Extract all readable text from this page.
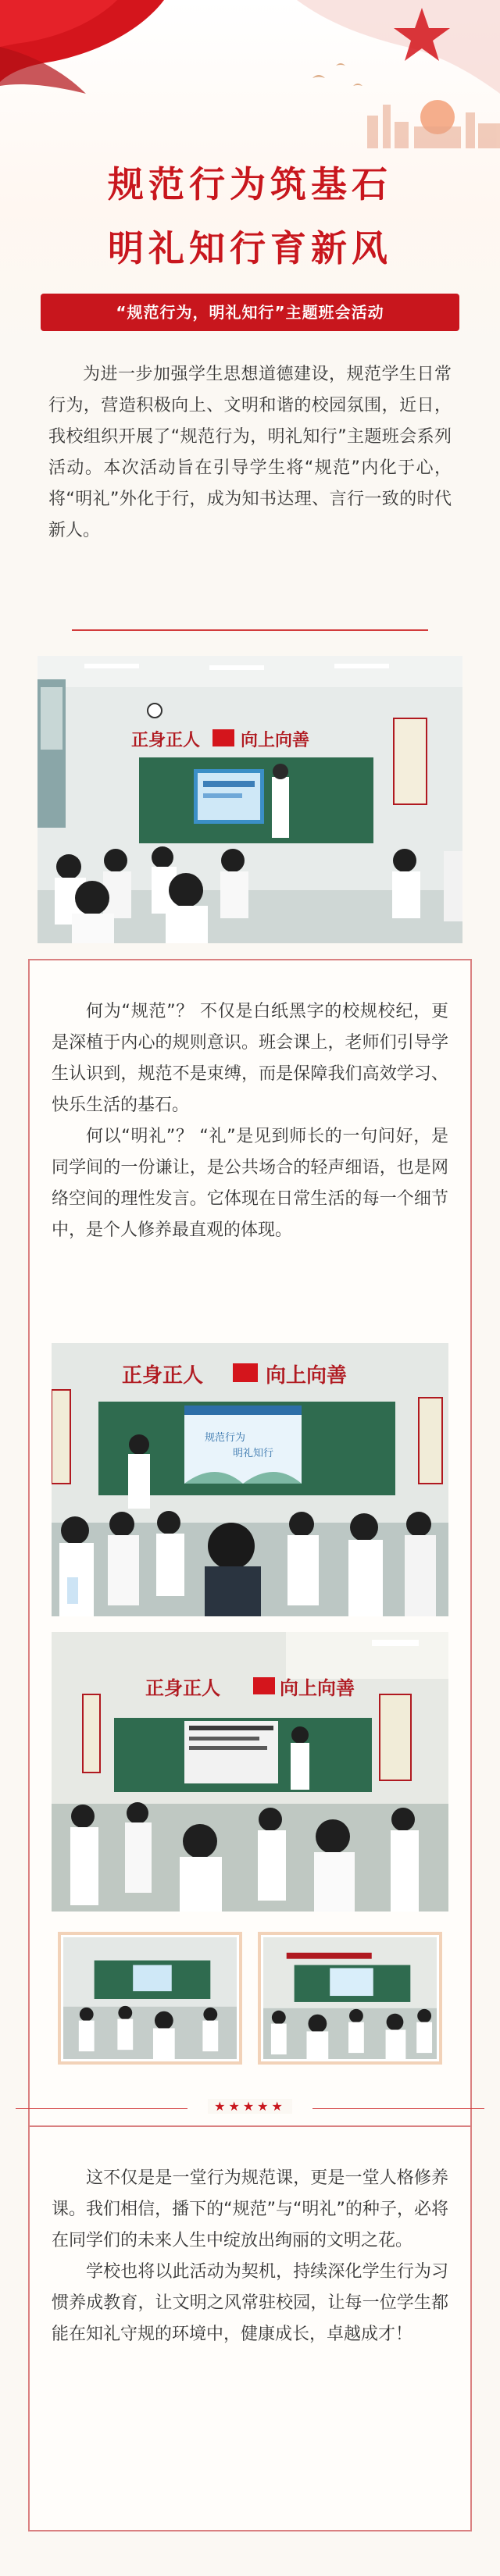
规范行为筑基石
明礼知行育新风
“规范行为，明礼知行”主题班会活动

为进一步加强学生思想道德建设，规范学生日常行为，营造积极向上、文明和谐的校园氛围，近日，我校组织开展了“规范行为，明礼知行”主题班会系列活动。本次活动旨在引导学生将“规范”内化于心，将“明礼”外化于行，成为知书达理、言行一致的时代新人。

正身正人 向上向善

何为“规范”？ 不仅是白纸黑字的校规校纪，更是深植于内心的规则意识。班会课上，老师们引导学生认识到，规范不是束缚，而是保障我们高效学习、快乐生活的基石。

何以“明礼”？ “礼”是见到师长的一句问好，是同学间的一份谦让，是公共场合的轻声细语，也是网络空间的理性发言。它体现在日常生活的每一个细节中，是个人修养最直观的体现。

正身正人	向上向善
规范行为
明礼知行
正身正人	向上向善
★★★★★

这不仅是是一堂行为规范课，更是一堂人格修养课。我们相信，播下的“规范”与“明礼”的种子，必将在同学们的未来人生中绽放出绚丽的文明之花。

学校也将以此活动为契机，持续深化学生行为习惯养成教育，让文明之风常驻校园，让每一位学生都能在知礼守规的环境中，健康成长，卓越成才！
